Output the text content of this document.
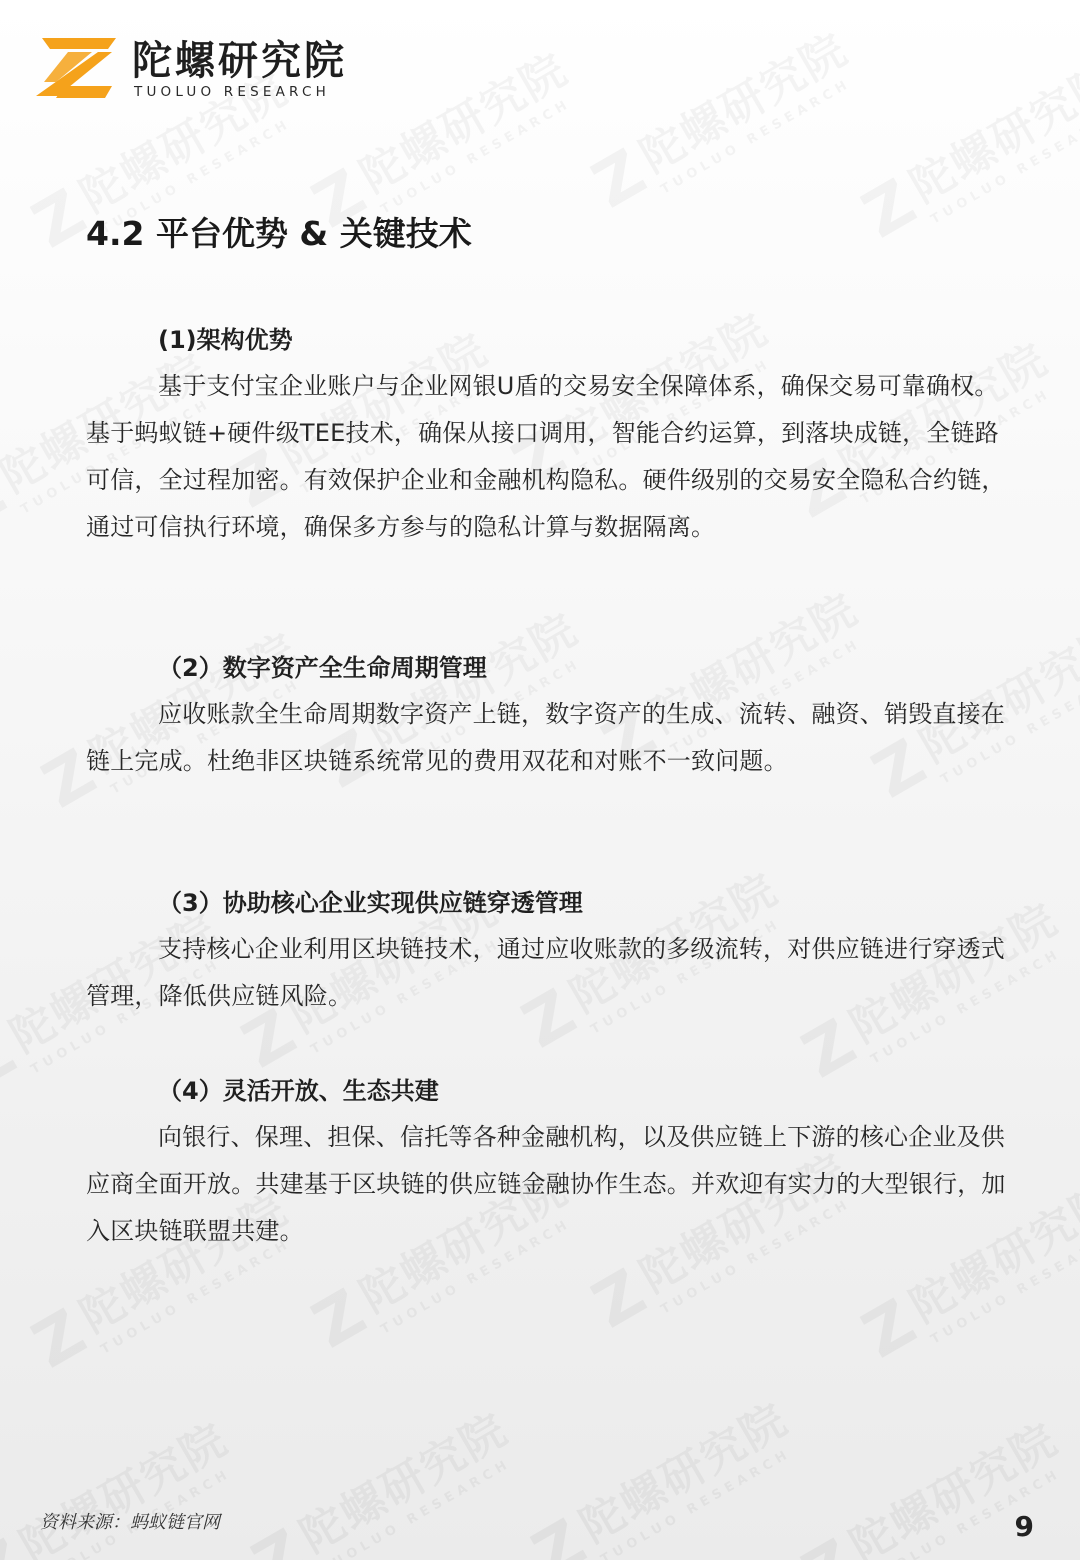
陀螺研究院
TUOLUO RESEARCH
4.2 平台优势 & 关键技术
(1)架构优势

基于支付宝企业账户与企业网银U盾的交易安全保障体系，确保交易可靠确权。基于蚂蚁链+硬件级TEE技术，确保从接口调用，智能合约运算，到落块成链，全链路可信，全过程加密。有效保护企业和金融机构隐私。硬件级别的交易安全隐私合约链，通过可信执行环境，确保多方参与的隐私计算与数据隔离。

（2）数字资产全生命周期管理

应收账款全生命周期数字资产上链，数字资产的生成、流转、融资、销毁直接在链上完成。杜绝非区块链系统常见的费用双花和对账不一致问题。

（3）协助核心企业实现供应链穿透管理

支持核心企业利用区块链技术，通过应收账款的多级流转，对供应链进行穿透式管理，降低供应链风险。

（4）灵活开放、生态共建

向银行、保理、担保、信托等各种金融机构，以及供应链上下游的核心企业及供应商全面开放。共建基于区块链的供应链金融协作生态。并欢迎有实力的大型银行，加入区块链联盟共建。

资料来源：蚂蚁链官网	9
